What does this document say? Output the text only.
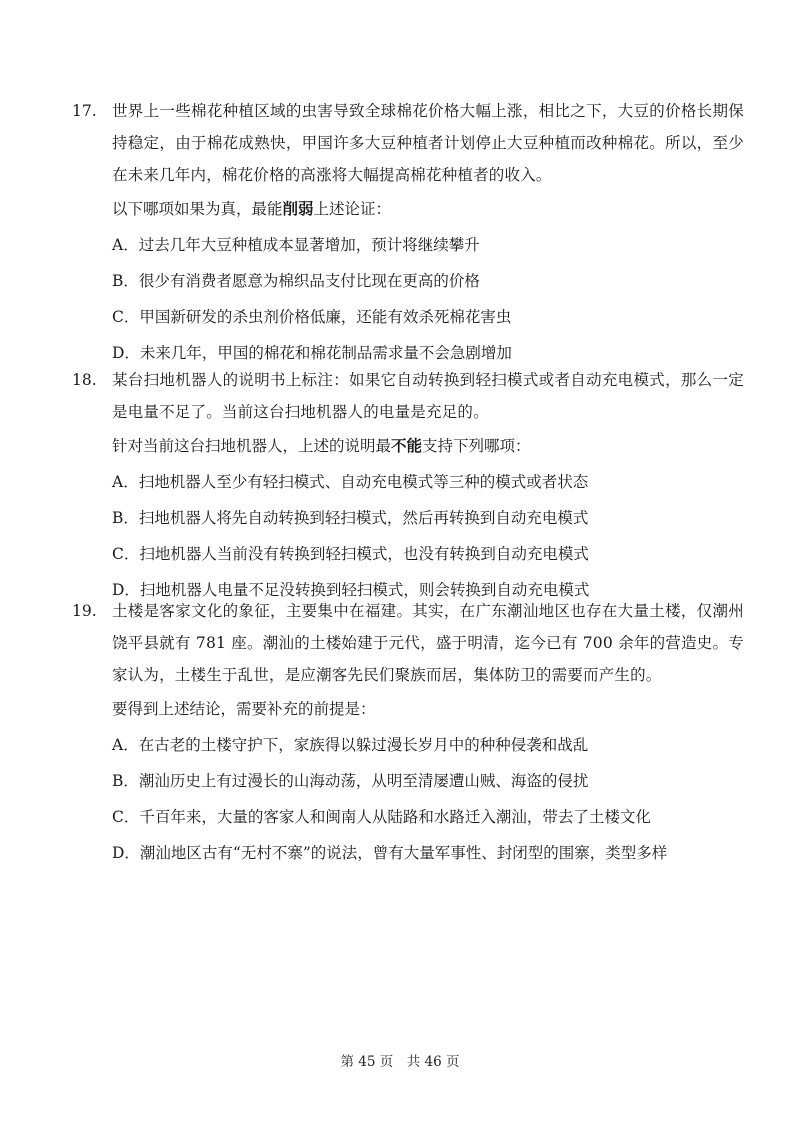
17. 世界上一些棉花种植区域的虫害导致全球棉花价格大幅上涨，相比之下，大豆的价格长期保持稳定，由于棉花成熟快，甲国许多大豆种植者计划停止大豆种植而改种棉花。所以，至少在未来几年内，棉花价格的高涨将大幅提高棉花种植者的收入。
以下哪项如果为真，最能削弱上述论证：
A．过去几年大豆种植成本显著增加，预计将继续攀升
B．很少有消费者愿意为棉织品支付比现在更高的价格
C．甲国新研发的杀虫剂价格低廉，还能有效杀死棉花害虫
D．未来几年，甲国的棉花和棉花制品需求量不会急剧增加
18. 某台扫地机器人的说明书上标注：如果它自动转换到轻扫模式或者自动充电模式，那么一定是电量不足了。当前这台扫地机器人的电量是充足的。
针对当前这台扫地机器人，上述的说明最不能支持下列哪项：
A．扫地机器人至少有轻扫模式、自动充电模式等三种的模式或者状态
B．扫地机器人将先自动转换到轻扫模式，然后再转换到自动充电模式
C．扫地机器人当前没有转换到轻扫模式，也没有转换到自动充电模式
D．扫地机器人电量不足没转换到轻扫模式，则会转换到自动充电模式
19. 土楼是客家文化的象征，主要集中在福建。其实，在广东潮汕地区也存在大量土楼，仅潮州饶平县就有 781 座。潮汕的土楼始建于元代，盛于明清，迄今已有 700 余年的营造史。专家认为，土楼生于乱世，是应潮客先民们聚族而居，集体防卫的需要而产生的。
要得到上述结论，需要补充的前提是：
A．在古老的土楼守护下，家族得以躲过漫长岁月中的种种侵袭和战乱
B．潮汕历史上有过漫长的山海动荡，从明至清屡遭山贼、海盗的侵扰
C．千百年来，大量的客家人和闽南人从陆路和水路迁入潮汕，带去了土楼文化
D．潮汕地区古有“无村不寨”的说法，曾有大量军事性、封闭型的围寨，类型多样
第 45 页　共 46 页
